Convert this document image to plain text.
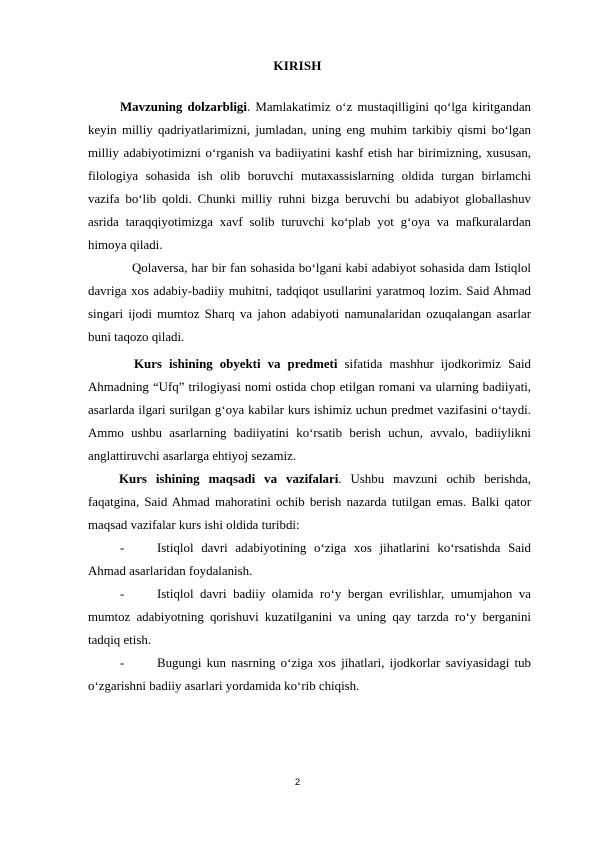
KIRISH

Mavzuning dolzarbligi. Mamlakatimiz o‘z mustaqilligini qo‘lga kiritgandan keyin milliy qadriyatlarimizni, jumladan, uning eng muhim tarkibiy qismi bo‘lgan milliy adabiyotimizni o‘rganish va badiiyatini kashf etish har birimizning, xususan, filologiya sohasida ish olib boruvchi mutaxassislarning oldida turgan birlamchi vazifa bo‘lib qoldi. Chunki milliy ruhni bizga beruvchi bu adabiyot globallashuv asrida taraqqiyotimizga xavf solib turuvchi ko‘plab yot g‘oya va mafkuralardan himoya qiladi.

Qolaversa, har bir fan sohasida bo‘lgani kabi adabiyot sohasida dam Istiqlol davriga xos adabiy-badiiy muhitni, tadqiqot usullarini yaratmoq lozim. Said Ahmad singari ijodi mumtoz Sharq va jahon adabiyoti namunalaridan ozuqalangan asarlar buni taqozo qiladi.

Kurs ishining obyekti va predmeti sifatida mashhur ijodkorimiz Said Ahmadning “Ufq” trilogiyasi nomi ostida chop etilgan romani va ularning badiiyati, asarlarda ilgari surilgan g‘oya kabilar kurs ishimiz uchun predmet vazifasini o‘taydi. Ammo ushbu asarlarning badiiyatini ko‘rsatib berish uchun, avvalo, badiiylikni anglattiruvchi asarlarga ehtiyoj sezamiz.

Kurs ishining maqsadi va vazifalari. Ushbu mavzuni ochib berishda, faqatgina, Said Ahmad mahoratini ochib berish nazarda tutilgan emas. Balki qator maqsad vazifalar kurs ishi oldida turibdi:

-	Istiqlol davri adabiyotining o‘ziga xos jihatlarini ko‘rsatishda Said Ahmad asarlaridan foydalanish.

-	Istiqlol davri badiiy olamida ro‘y bergan evrilishlar, umumjahon va mumtoz adabiyotning qorishuvi kuzatilganini va uning qay tarzda ro‘y berganini tadqiq etish.

-	Bugungi kun nasrning o‘ziga xos jihatlari, ijodkorlar saviyasidagi tub o‘zgarishni badiiy asarlari yordamida ko‘rib chiqish.

2
